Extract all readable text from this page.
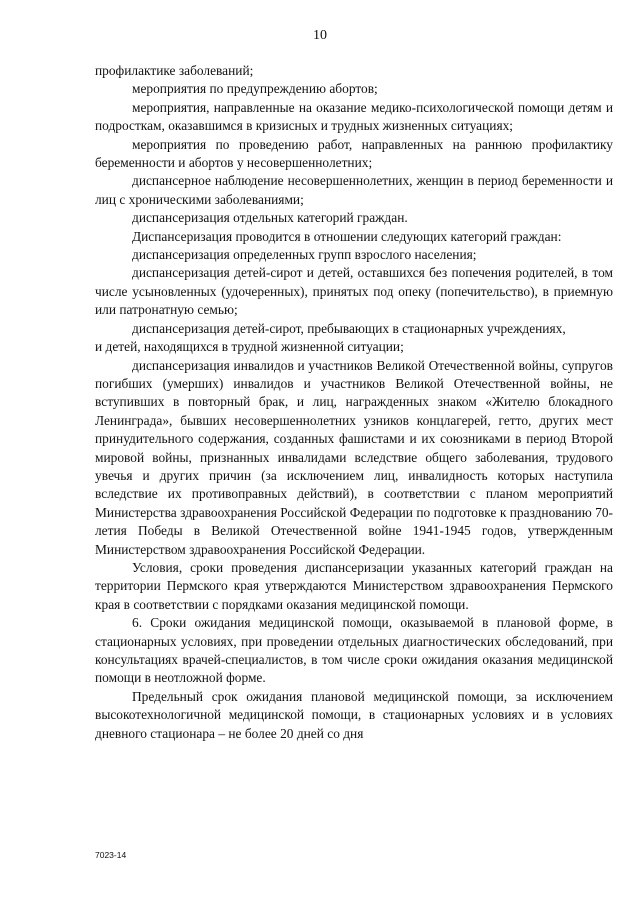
10

профилактике заболеваний;

мероприятия по предупреждению абортов;

мероприятия, направленные на оказание медико-психологической помощи детям и подросткам, оказавшимся в кризисных и трудных жизненных ситуациях;

мероприятия по проведению работ, направленных на раннюю профилактику беременности и абортов у несовершеннолетних;

диспансерное наблюдение несовершеннолетних, женщин в период беременности и лиц с хроническими заболеваниями;

диспансеризация отдельных категорий граждан.

Диспансеризация проводится в отношении следующих категорий граждан:

диспансеризация определенных групп взрослого населения;

диспансеризация детей-сирот и детей, оставшихся без попечения родителей, в том числе усыновленных (удочеренных), принятых под опеку (попечительство), в приемную или патронатную семью;

диспансеризация детей-сирот, пребывающих в стационарных учреждениях,

и детей, находящихся в трудной жизненной ситуации;

диспансеризация инвалидов и участников Великой Отечественной войны, супругов погибших (умерших) инвалидов и участников Великой Отечественной войны, не вступивших в повторный брак, и лиц, награжденных знаком «Жителю блокадного Ленинграда», бывших несовершеннолетних узников концлагерей, гетто, других мест принудительного содержания, созданных фашистами и их союзниками в период Второй мировой войны, признанных инвалидами вследствие общего заболевания, трудового увечья и других причин (за исключением лиц, инвалидность которых наступила вследствие их противоправных действий), в соответствии с планом мероприятий Министерства здравоохранения Российской Федерации по подготовке к празднованию 70-летия Победы в Великой Отечественной войне 1941-1945 годов, утвержденным Министерством здравоохранения Российской Федерации.

Условия, сроки проведения диспансеризации указанных категорий граждан на территории Пермского края утверждаются Министерством здравоохранения Пермского края в соответствии с порядками оказания медицинской помощи.

6. Сроки ожидания медицинской помощи, оказываемой в плановой форме, в стационарных условиях, при проведении отдельных диагностических обследований, при консультациях врачей-специалистов, в том числе сроки ожидания оказания медицинской помощи в неотложной форме.

Предельный срок ожидания плановой медицинской помощи, за исключением высокотехнологичной медицинской помощи, в стационарных условиях и в условиях дневного стационара – не более 20 дней со дня

7023-14
